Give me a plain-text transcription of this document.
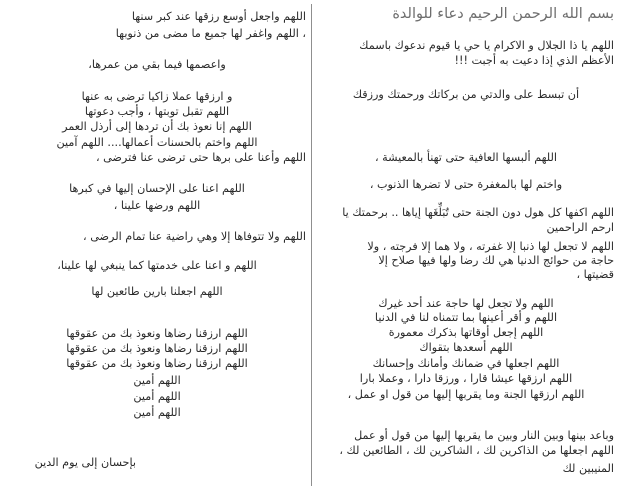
بسم الله الرحمن الرحيم دعاء للوالدة
اللهم يا ذا الجلال و الاكرام يا حي يا قيوم ندعوك باسمك
الأعظم الذي إذا دعيت به أجبت !!!
أن تبسط على والدتي من بركاتك ورحمتك ورزقك
اللهم ألبسها العافية حتى تهنأ بالمعيشة ،
واختم لها بالمغفرة حتى لا تضرها الذنوب ،
اللهم اكفها كل هول دون الجنة حتى تُبَلِّغَها إياها .. برحمتك يا
ارحم الراحمين
اللهم لا تجعل لها ذنبا إلا غفرته ، ولا هما إلا فرجته ، ولا
حاجة من حوائج الدنيا هي لك رضا ولها فيها صلاح إلا
قضيتها ،
اللهم ولا تجعل لها حاجة عند أحد غيرك
اللهم و أقر أعينها بما تتمناه لنا في الدنيا
اللهم إجعل أوقاتها بذكرك معمورة
اللهم أسعدها بتقواك
اللهم اجعلها في ضمانك وأمانك وإحسانك
اللهم ارزقها عيشا قارا ، ورزقا دارا ، وعملا بارا
اللهم ارزقها الجنة وما يقربها إليها من قول او عمل ،
وباعد بينها وبين النار وبين ما يقربها إليها من قول أو عمل
اللهم اجعلها من الذاكرين لك ، الشاكرين لك ، الطائعين لك ،
المنيبين لك
اللهم واجعل أوسع رزقها عند كبر سنها
، اللهم واغفر لها جميع ما مضى من ذنوبها
واعصمها فيما بقي من عمرها،
و ارزقها عملا زاكيا ترضى به عنها
اللهم تقبل توبتها ، وأجب دعوتها
اللهم إنا نعوذ بك أن تردها إلى أرذل العمر
اللهم واختم بالحسنات أعمالها.... اللهم آمين
اللهم وأعنا على برها حتى ترضى عنا فترضى ،
اللهم اعنا على الإحسان إليها في كبرها
اللهم ورضها علينا ،
اللهم ولا تتوفاها إلا وهي راضية عنا تمام الرضى ،
اللهم و اعنا على خدمتها كما ينبغي لها علينا،
اللهم اجعلنا بارين طائعين لها
اللهم ارزقنا رضاها ونعوذ بك من عقوقها
اللهم ارزقنا رضاها ونعوذ بك من عقوقها
اللهم ارزقنا رضاها ونعوذ بك من عقوقها
اللهم أمين
اللهم أمين
اللهم أمين
بإحسان إلى يوم الدين
